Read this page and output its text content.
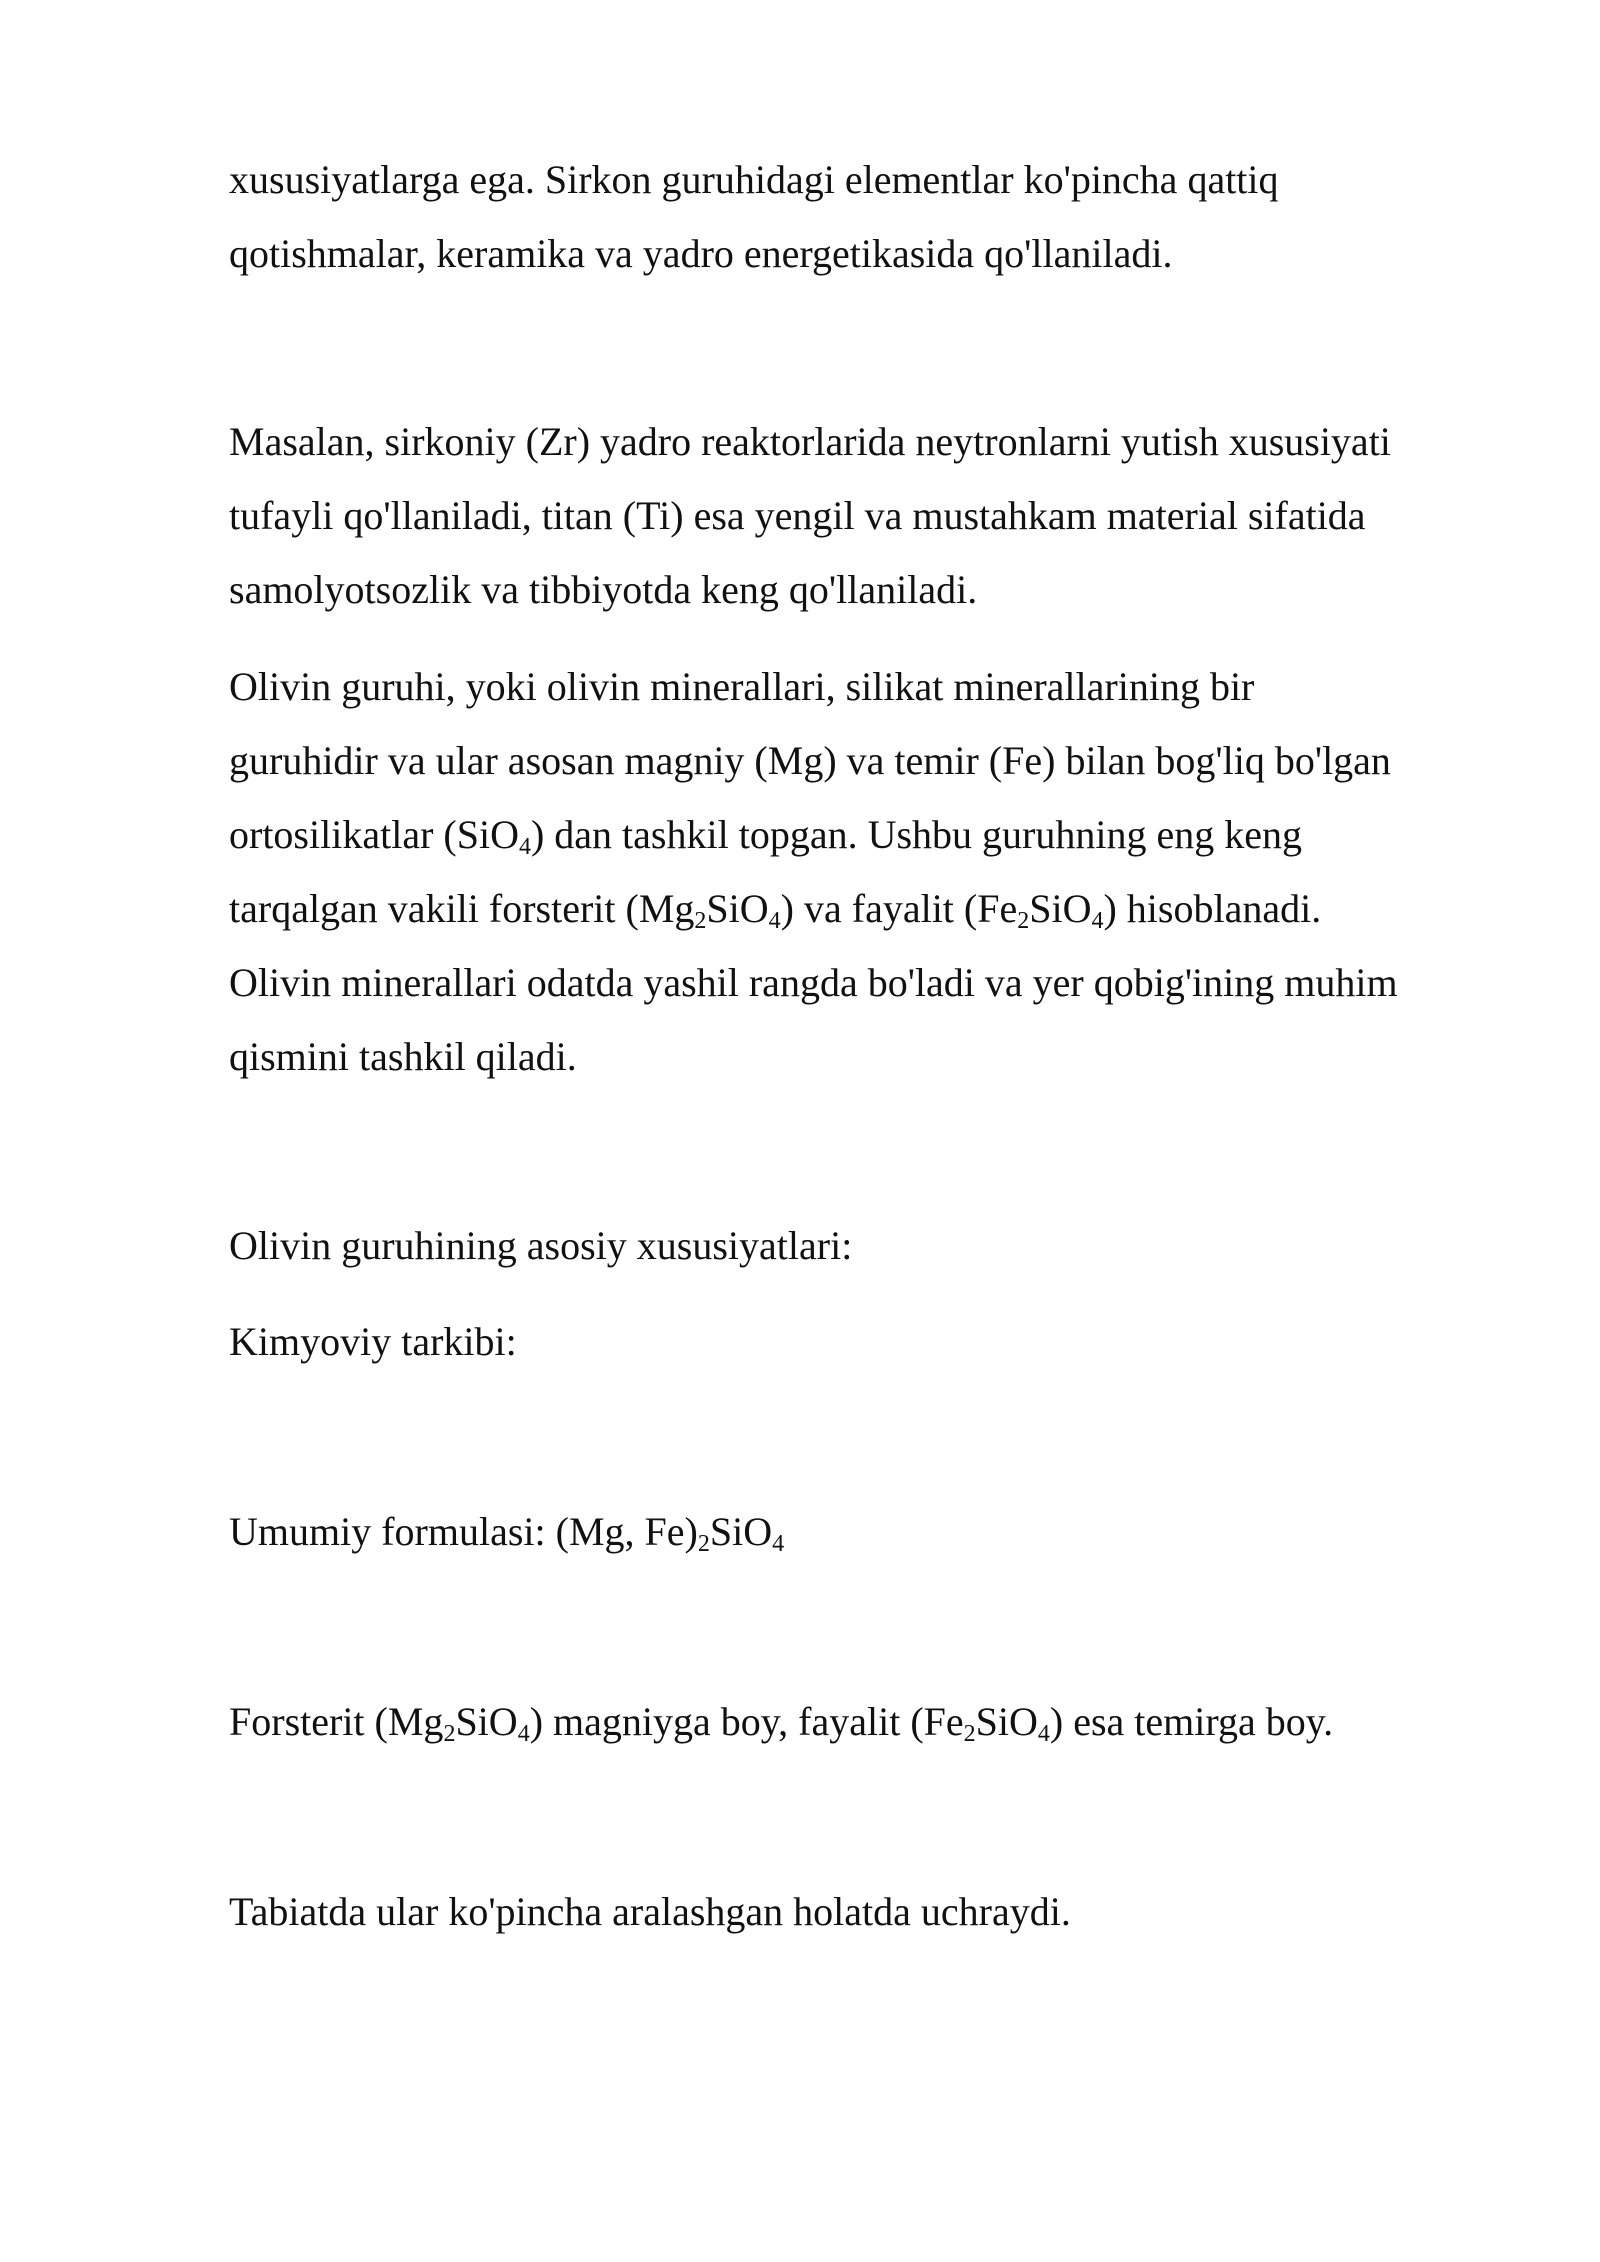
xususiyatlarga ega. Sirkon guruhidagi elementlar ko'pincha qattiq
qotishmalar, keramika va yadro energetikasida qo'llaniladi.
Masalan, sirkoniy (Zr) yadro reaktorlarida neytronlarni yutish xususiyati
tufayli qo'llaniladi, titan (Ti) esa yengil va mustahkam material sifatida
samolyotsozlik va tibbiyotda keng qo'llaniladi.
Olivin guruhi, yoki olivin minerallari, silikat minerallarining bir
guruhidir va ular asosan magniy (Mg) va temir (Fe) bilan bog'liq bo'lgan
ortosilikatlar (SiO$_4$) dan tashkil topgan. Ushbu guruhning eng keng
tarqalgan vakili forsterit $(Mg_2SiO_4)$ va fayalit $(Fe_2SiO_4)$ hisoblanadi.
Olivin minerallari odatda yashil rangda bo'ladi va yer qobig'ining muhim
qismini tashkil qiladi.
Olivin guruhining asosiy xususiyatlari:
Kimyoviy tarkibi:
Umumiy formulasi: (Mg, $Fe)_2SiO_4$
Forsterit $(Mg_2SiO_4)$ magniyga boy, fayalit $(Fe_2SiO_4)$ esa temirga boy.
Tabiatda ular ko'pincha aralashgan holatda uchraydi.
